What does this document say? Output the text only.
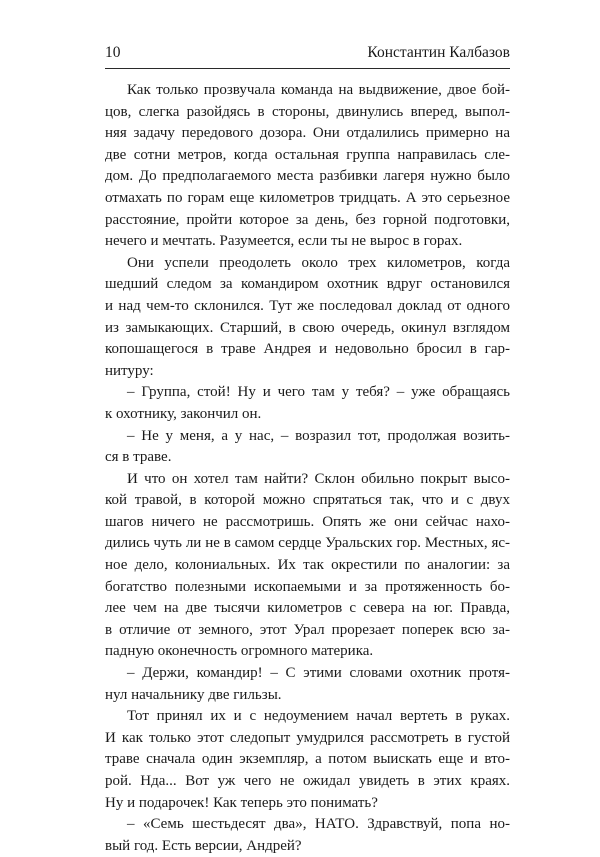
10	Константин Калбазов
Как только прозвучала команда на выдвижение, двое бой-
цов, слегка разойдясь в стороны, двинулись вперед, выпол-
няя задачу передового дозора. Они отдалились примерно на
две сотни метров, когда остальная группа направилась сле-
дом. До предполагаемого места разбивки лагеря нужно было
отмахать по горам еще километров тридцать. А это серьезное
расстояние, пройти которое за день, без горной подготовки,
нечего и мечтать. Разумеется, если ты не вырос в горах.
Они успели преодолеть около трех километров, когда
шедший следом за командиром охотник вдруг остановился
и над чем-то склонился. Тут же последовал доклад от одного
из замыкающих. Старший, в свою очередь, окинул взглядом
копошащегося в траве Андрея и недовольно бросил в гар-
нитуру:
– Группа, стой! Ну и чего там у тебя? – уже обращаясь
к охотнику, закончил он.
– Не у меня, а у нас, – возразил тот, продолжая возить-
ся в траве.
И что он хотел там найти? Склон обильно покрыт высо-
кой травой, в которой можно спрятаться так, что и с двух
шагов ничего не рассмотришь. Опять же они сейчас нахо-
дились чуть ли не в самом сердце Уральских гор. Местных, яс-
ное дело, колониальных. Их так окрестили по аналогии: за
богатство полезными ископаемыми и за протяженность бо-
лее чем на две тысячи километров с севера на юг. Правда,
в отличие от земного, этот Урал прорезает поперек всю за-
падную оконечность огромного материка.
– Держи, командир! – С этими словами охотник протя-
нул начальнику две гильзы.
Тот принял их и с недоумением начал вертеть в руках.
И как только этот следопыт умудрился рассмотреть в густой
траве сначала один экземпляр, а потом выискать еще и вто-
рой. Нда... Вот уж чего не ожидал увидеть в этих краях.
Ну и подарочек! Как теперь это понимать?
– «Семь шестьдесят два», НАТО. Здравствуй, попа но-
вый год. Есть версии, Андрей?
